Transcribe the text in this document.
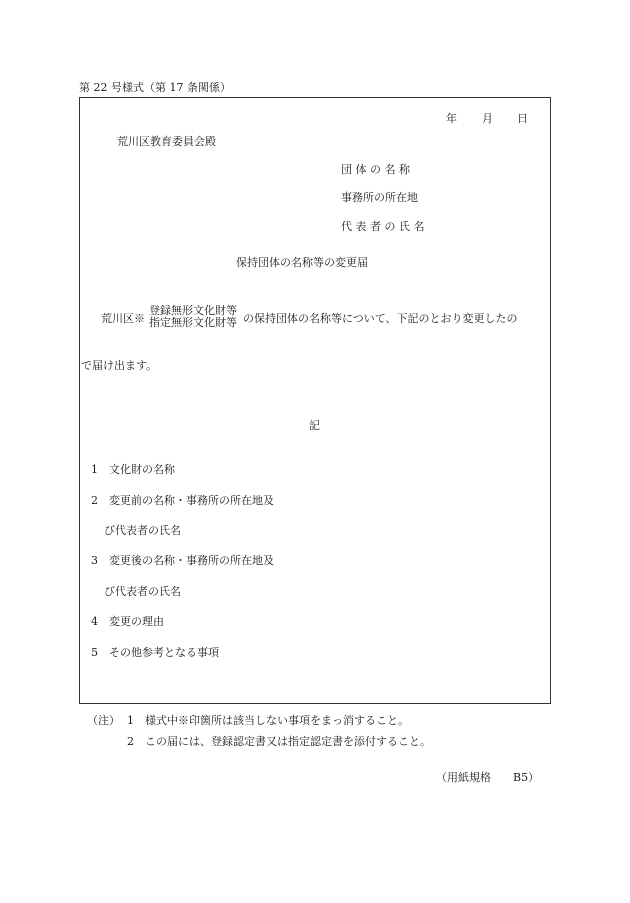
第 22 号様式（第 17 条関係）
年 月 日
荒川区教育委員会殿
団 体 の 名 称
事務所の所在地
代 表 者 の 氏 名
保持団体の名称等の変更届
荒川区※
登録無形文化財等
指定無形文化財等 の保持団体の名称等について、下記のとおり変更したの
で届け出ます。
記
1　文化財の名称
2　変更前の名称・事務所の所在地及
び代表者の氏名
3　変更後の名称・事務所の所在地及
び代表者の氏名
4　変更の理由
5　その他参考となる事項
（注） 1 様式中※印箇所は該当しない事項をまっ消すること。
2 この届には、登録認定書又は指定認定書を添付すること。
（用紙規格　　B5）
